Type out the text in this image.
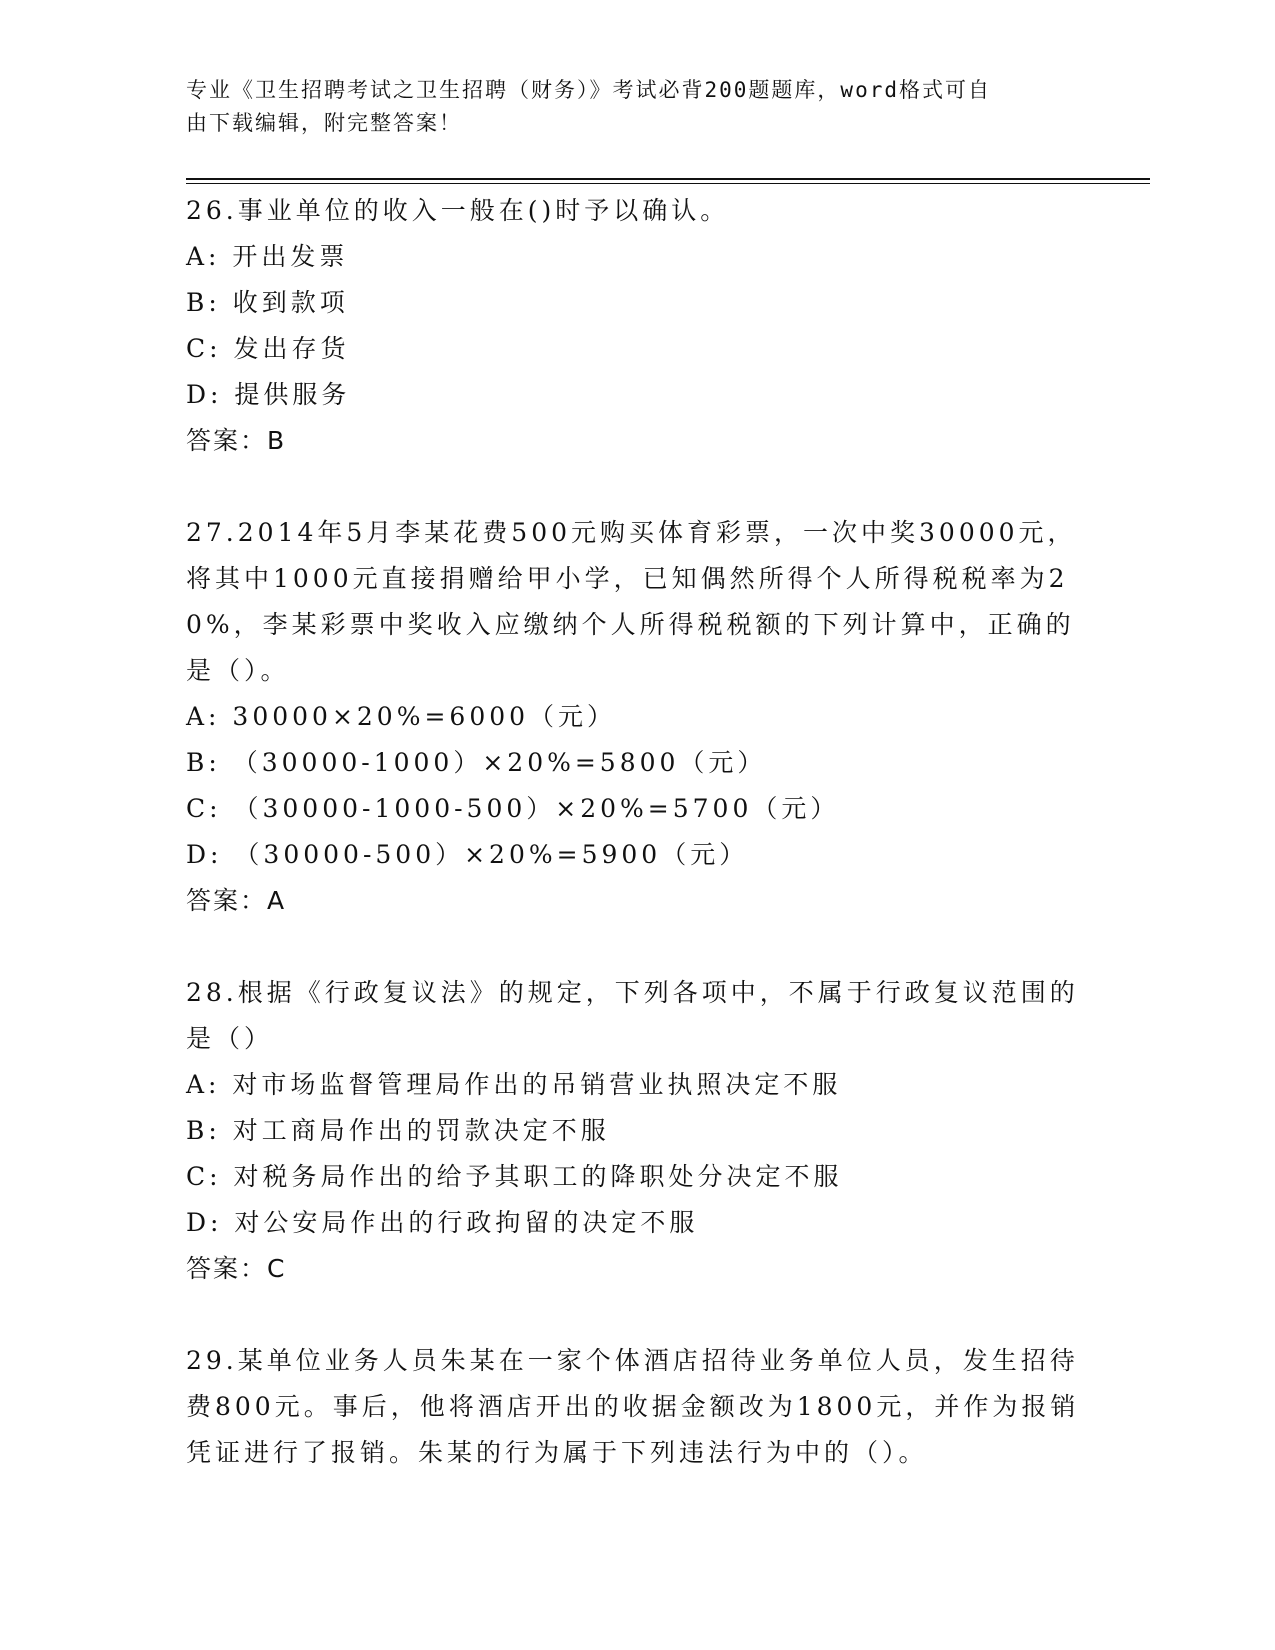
专业《卫生招聘考试之卫生招聘（财务）》考试必背200题题库，word格式可自
由下载编辑，附完整答案！

26.事业单位的收入一般在()时予以确认。

A: 开出发票

B: 收到款项

C: 发出存货

D: 提供服务

答案：B

27.2014年5月李某花费500元购买体育彩票，一次中奖30000元，将其中1000元直接捐赠给甲小学，已知偶然所得个人所得税税率为20%，李某彩票中奖收入应缴纳个人所得税税额的下列计算中，正确的是（）。

A: 30000×20%=6000（元）

B: （30000-1000）×20%=5800（元）

C: （30000-1000-500）×20%=5700（元）

D: （30000-500）×20%=5900（元）

答案：A

28.根据《行政复议法》的规定，下列各项中，不属于行政复议范围的是（）

A: 对市场监督管理局作出的吊销营业执照决定不服

B: 对工商局作出的罚款决定不服

C: 对税务局作出的给予其职工的降职处分决定不服

D: 对公安局作出的行政拘留的决定不服

答案：C

29.某单位业务人员朱某在一家个体酒店招待业务单位人员，发生招待费800元。事后，他将酒店开出的收据金额改为1800元，并作为报销凭证进行了报销。朱某的行为属于下列违法行为中的（）。
